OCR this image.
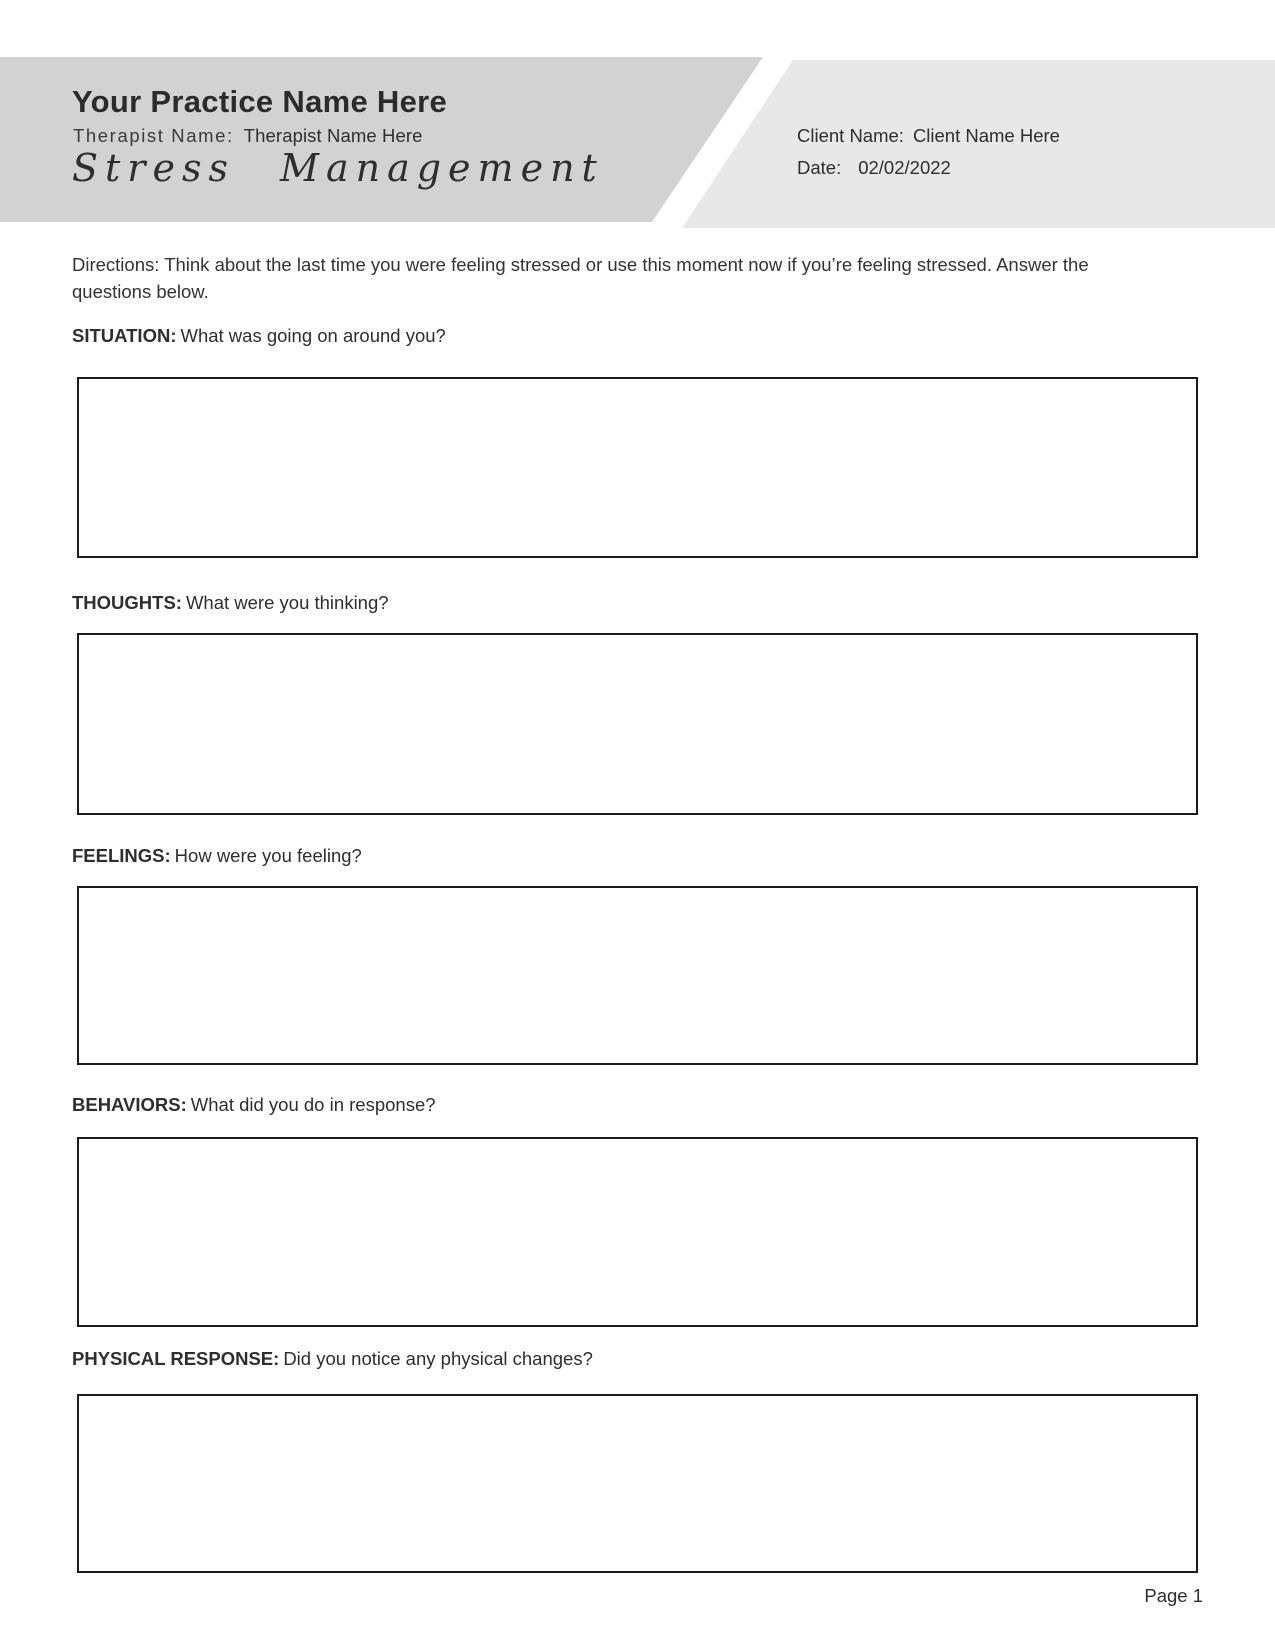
Your Practice Name Here
Therapist Name: Therapist Name Here
Stress Management
Client Name: Client Name Here
Date: 02/02/2022
Directions: Think about the last time you were feeling stressed or use this moment now if you’re feeling stressed. Answer the questions below.
SITUATION: What was going on around you?
THOUGHTS: What were you thinking?
FEELINGS: How were you feeling?
BEHAVIORS: What did you do in response?
PHYSICAL RESPONSE: Did you notice any physical changes?
Page 1
